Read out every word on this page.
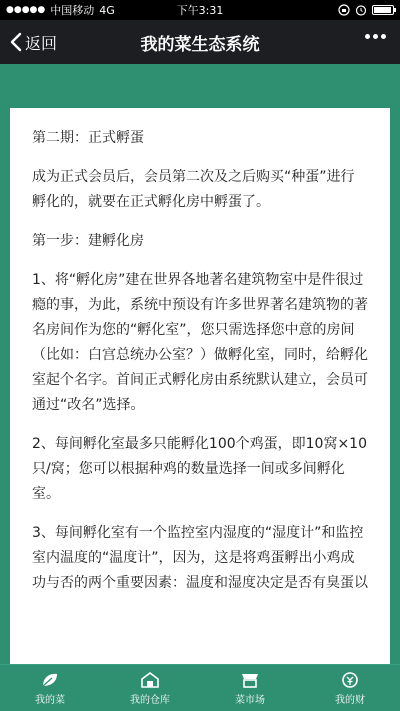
●●●●● 中国移动 4G	下午3:31
返回	我的菜生态系统

第二期：正式孵蛋

成为正式会员后，会员第二次及之后购买“种蛋”进行孵化的，就要在正式孵化房中孵蛋了。

第一步：建孵化房

1、将“孵化房”建在世界各地著名建筑物室中是件很过瘾的事，为此，系统中预设有许多世界著名建筑物的著名房间作为您的“孵化室”，您只需选择您中意的房间（比如：白宫总统办公室？）做孵化室，同时，给孵化室起个名字。首间正式孵化房由系统默认建立，会员可通过“改名”选择。

2、每间孵化室最多只能孵化100个鸡蛋，即10窝×10只/窝；您可以根据种鸡的数量选择一间或多间孵化室。

3、每间孵化室有一个监控室内湿度的“湿度计”和监控室内温度的“温度计”，因为，这是将鸡蛋孵出小鸡成功与否的两个重要因素：温度和湿度决定是否有臭蛋以

我的菜	我的仓库	菜市场	我的财
